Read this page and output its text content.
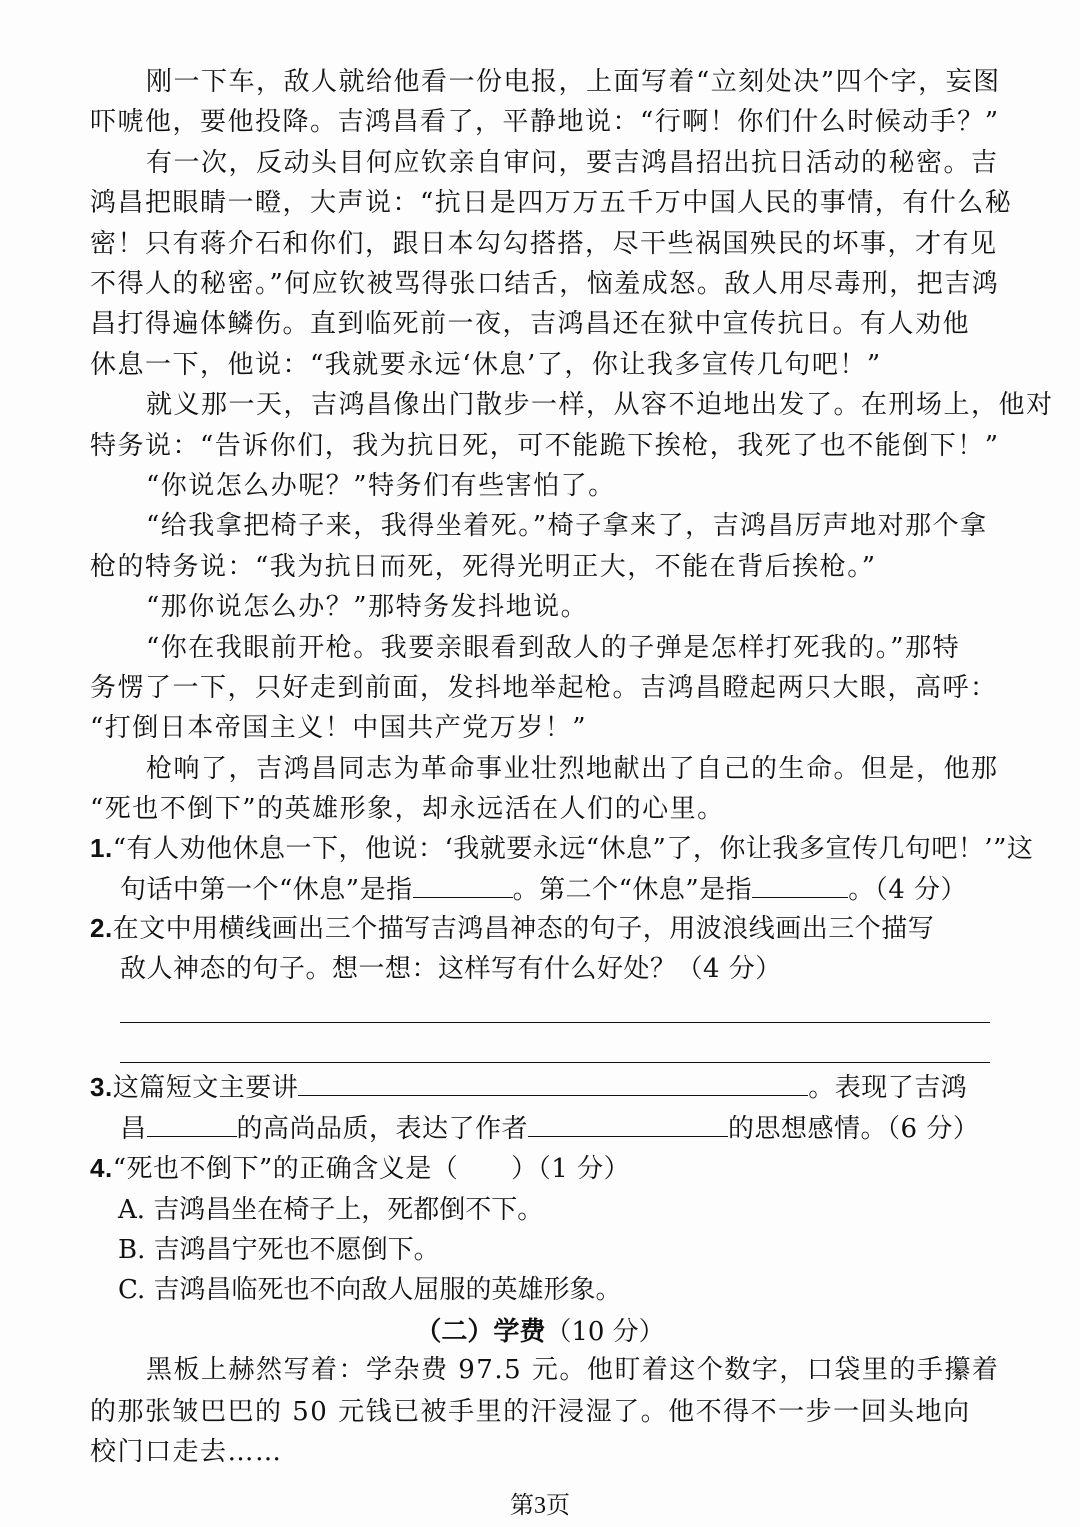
刚一下车，敌人就给他看一份电报，上面写着“立刻处决”四个字，妄图
吓唬他，要他投降。吉鸿昌看了，平静地说：“行啊！你们什么时候动手？”
有一次，反动头目何应钦亲自审问，要吉鸿昌招出抗日活动的秘密。吉
鸿昌把眼睛一瞪，大声说：“抗日是四万万五千万中国人民的事情，有什么秘
密！只有蒋介石和你们，跟日本勾勾搭搭，尽干些祸国殃民的坏事，才有见
不得人的秘密。”何应钦被骂得张口结舌，恼羞成怒。敌人用尽毒刑，把吉鸿
昌打得遍体鳞伤。直到临死前一夜，吉鸿昌还在狱中宣传抗日。有人劝他
休息一下，他说：“我就要永远‘休息’了，你让我多宣传几句吧！”
就义那一天，吉鸿昌像出门散步一样，从容不迫地出发了。在刑场上，他对
特务说：“告诉你们，我为抗日死，可不能跪下挨枪，我死了也不能倒下！”
“你说怎么办呢？”特务们有些害怕了。
“给我拿把椅子来，我得坐着死。”椅子拿来了，吉鸿昌厉声地对那个拿
枪的特务说：“我为抗日而死，死得光明正大，不能在背后挨枪。”
“那你说怎么办？”那特务发抖地说。
“你在我眼前开枪。我要亲眼看到敌人的子弹是怎样打死我的。”那特
务愣了一下，只好走到前面，发抖地举起枪。吉鸿昌瞪起两只大眼，高呼：
“打倒日本帝国主义！中国共产党万岁！”
枪响了，吉鸿昌同志为革命事业壮烈地献出了自己的生命。但是，他那
“死也不倒下”的英雄形象，却永远活在人们的心里。
1.“有人劝他休息一下，他说：‘我就要永远“休息”了，你让我多宣传几句吧！’”这
句话中第一个“休息”是指	。第二个“休息”是指	。（4 分）
2.在文中用横线画出三个描写吉鸿昌神态的句子，用波浪线画出三个描写
敌人神态的句子。想一想：这样写有什么好处？（4 分）
3.这篇短文主要讲	。表现了吉鸿
昌	的高尚品质，表达了作者	的思想感情。（6 分）
4.“死也不倒下”的正确含义是（　　）（1 分）
A. 吉鸿昌坐在椅子上，死都倒不下。
B. 吉鸿昌宁死也不愿倒下。
C. 吉鸿昌临死也不向敌人屈服的英雄形象。
（二）学费（10 分）
黑板上赫然写着：学杂费 97.5 元。他盯着这个数字，口袋里的手攥着
的那张皱巴巴的 50 元钱已被手里的汗浸湿了。他不得不一步一回头地向
校门口走去……
第3页
